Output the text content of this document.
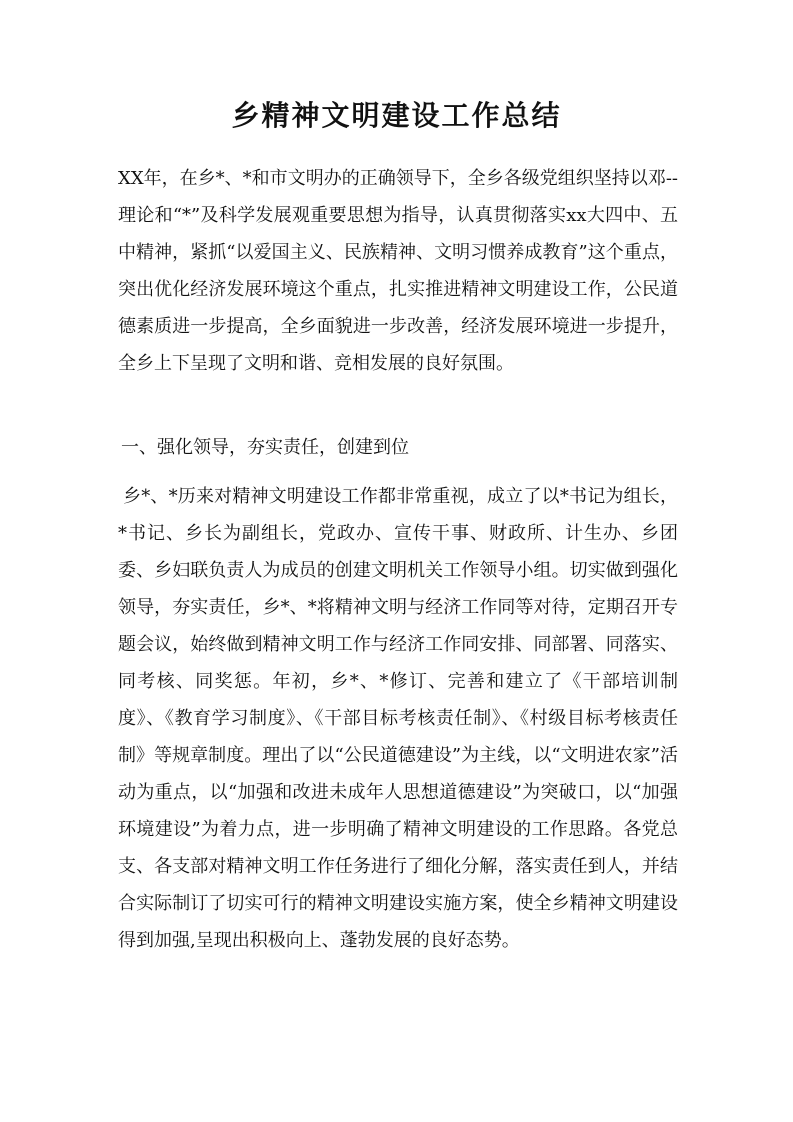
乡精神文明建设工作总结

XX年，在乡*、*和市文明办的正确领导下，全乡各级党组织坚持以邓--理论和“*”及科学发展观重要思想为指导，认真贯彻落实xx大四中、五中精神，紧抓“以爱国主义、民族精神、文明习惯养成教育”这个重点，突出优化经济发展环境这个重点，扎实推进精神文明建设工作，公民道德素质进一步提高，全乡面貌进一步改善，经济发展环境进一步提升，全乡上下呈现了文明和谐、竞相发展的良好氛围。

一、强化领导，夯实责任，创建到位

乡*、*历来对精神文明建设工作都非常重视，成立了以*书记为组长，*书记、乡长为副组长，党政办、宣传干事、财政所、计生办、乡团委、乡妇联负责人为成员的创建文明机关工作领导小组。切实做到强化领导，夯实责任，乡*、*将精神文明与经济工作同等对待，定期召开专题会议，始终做到精神文明工作与经济工作同安排、同部署、同落实、同考核、同奖惩。年初，乡*、*修订、完善和建立了《干部培训制度》、《教育学习制度》、《干部目标考核责任制》、《村级目标考核责任制》等规章制度。理出了以“公民道德建设”为主线，以“文明进农家”活动为重点，以“加强和改进未成年人思想道德建设”为突破口，以“加强环境建设”为着力点，进一步明确了精神文明建设的工作思路。各党总支、各支部对精神文明工作任务进行了细化分解，落实责任到人，并结合实际制订了切实可行的精神文明建设实施方案，使全乡精神文明建设得到加强,呈现出积极向上、蓬勃发展的良好态势。
